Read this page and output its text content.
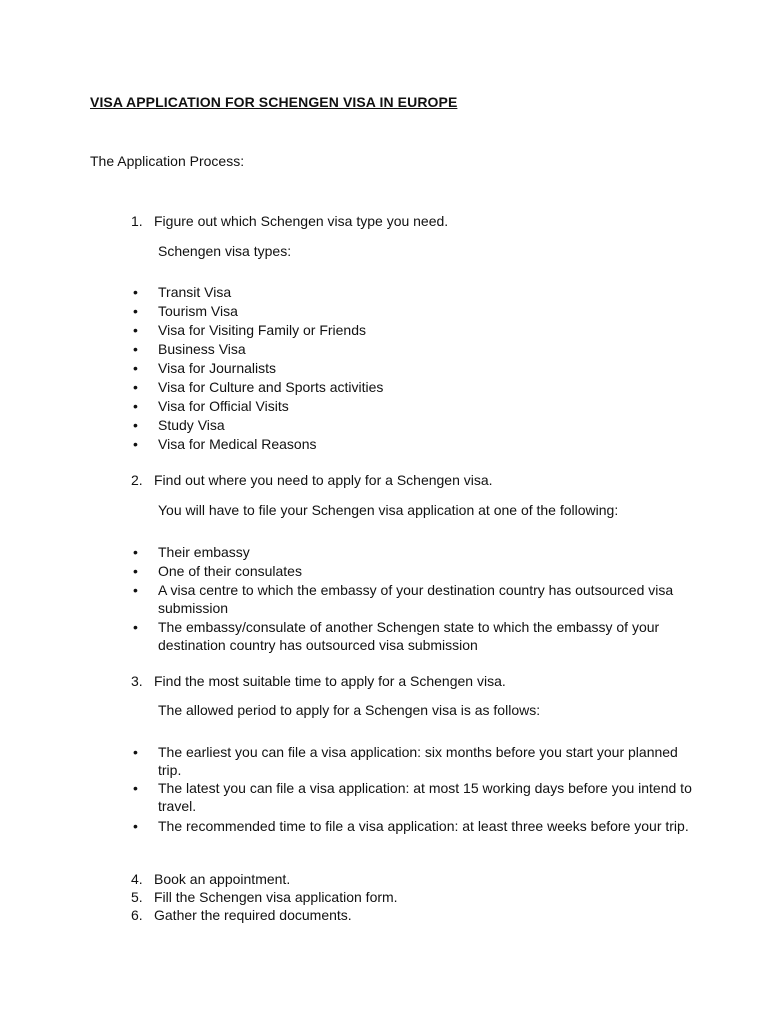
VISA APPLICATION FOR SCHENGEN VISA IN EUROPE
The Application Process:
1. Figure out which Schengen visa type you need.
Schengen visa types:
• Transit Visa
• Tourism Visa
• Visa for Visiting Family or Friends
• Business Visa
• Visa for Journalists
• Visa for Culture and Sports activities
• Visa for Official Visits
• Study Visa
• Visa for Medical Reasons
2. Find out where you need to apply for a Schengen visa.
You will have to file your Schengen visa application at one of the following:
• Their embassy
• One of their consulates
• A visa centre to which the embassy of your destination country has outsourced visa submission
• The embassy/consulate of another Schengen state to which the embassy of your destination country has outsourced visa submission
3. Find the most suitable time to apply for a Schengen visa.
The allowed period to apply for a Schengen visa is as follows:
• The earliest you can file a visa application: six months before you start your planned trip.
• The latest you can file a visa application: at most 15 working days before you intend to travel.
• The recommended time to file a visa application: at least three weeks before your trip.
4. Book an appointment.
5. Fill the Schengen visa application form.
6. Gather the required documents.
